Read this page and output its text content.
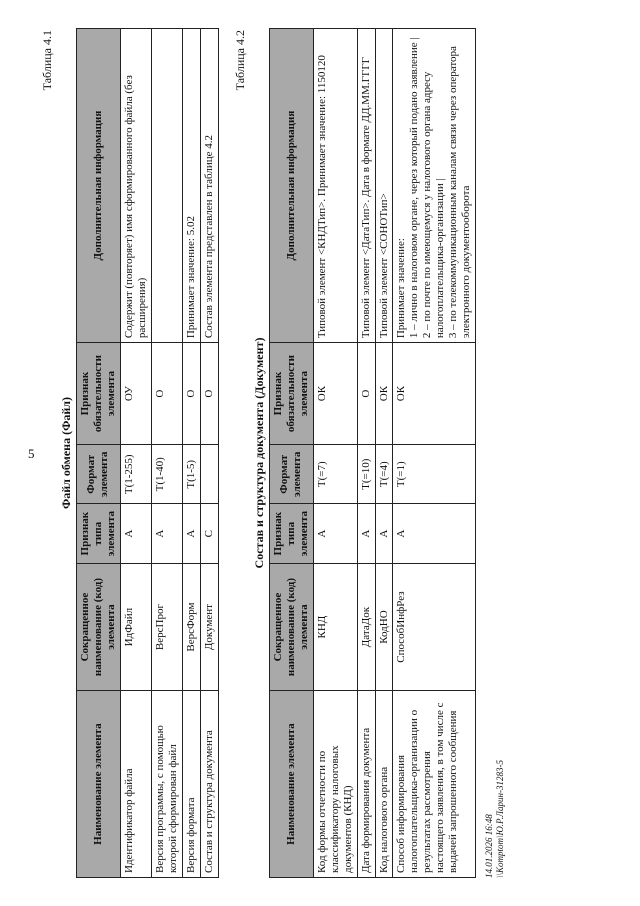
5
Таблица 4.1
Файл обмена (Файл)
Наименование элемента	Сокращенное наименование (код) элемента	Признак типа элемента	Формат элемента	Признак обязательности элемента	Дополнительная информация
Идентификатор файла	ИдФайл	А	T(1-255)	ОУ	Содержит (повторяет) имя сформированного файла (без расширения)
Версия программы, с помощью которой сформирован файл	ВерсПрог	А	T(1-40)	О	
Версия формата	ВерсФорм	А	T(1-5)	О	Принимает значение: 5.02
Состав и структура документа	Документ	С		О	Состав элемента представлен в таблице 4.2
Таблица 4.2
Состав и структура документа (Документ)
Наименование элемента	Сокращенное наименование (код) элемента	Признак типа элемента	Формат элемента	Признак обязательности элемента	Дополнительная информация
Код формы отчетности по классификатору налоговых документов (КНД)	КНД	А	T(=7)	ОК	Типовой элемент <КНДТип>. Принимает значение: 1150120
Дата формирования документа	ДатаДок	А	T(=10)	О	Типовой элемент <ДатаТип>. Дата в формате ДД.ММ.ГГГГ
Код налогового органа	КодНО	А	T(=4)	ОК	Типовой элемент <СОНОТип>
Способ информирования налогоплательщика-организации о результатах рассмотрения настоящего заявления, в том числе с выдачей запрошенного сообщения	СпособИнфРез	А	T(=1)	ОК	Принимает значение:
1 – лично в налоговом органе, через который подано заявление |
2 – по почте по имеющемуся у налогового органа адресу налогоплательщика-организации |
3 – по телекоммуникационным каналам связи через оператора электронного документооборота
14.01.2026 16:48 \\Komptom\Ю.Р.Ларин-31283-5
